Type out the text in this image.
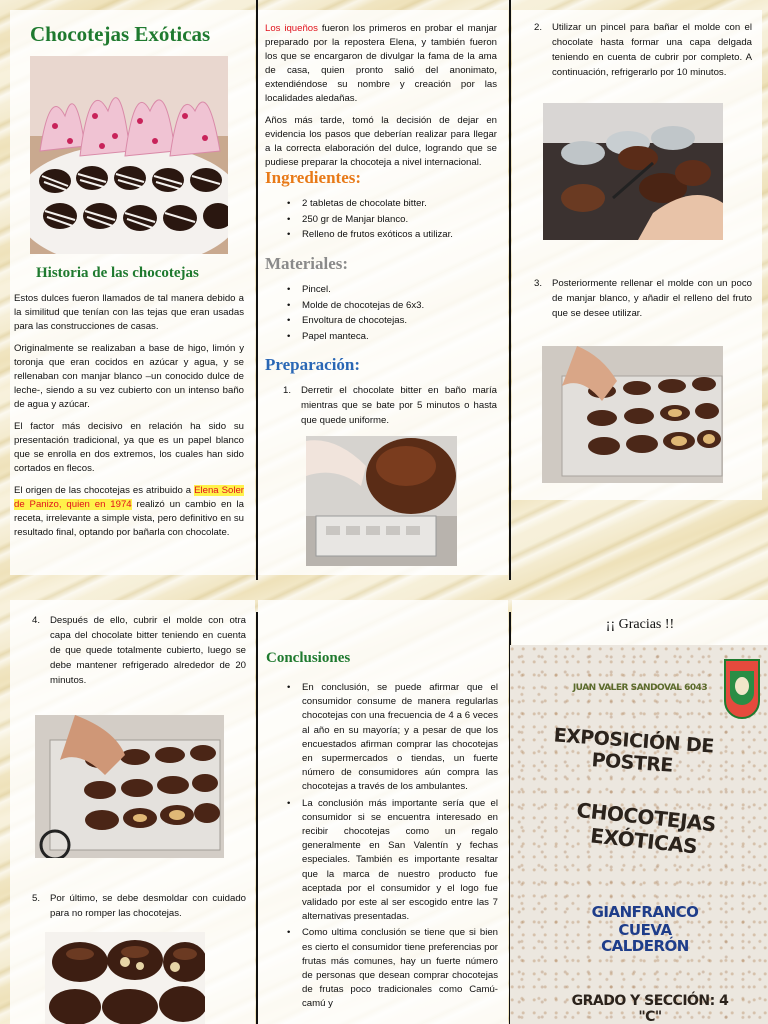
Chocotejas Exóticas
Historia de las chocotejas

Estos dulces fueron llamados de tal manera debido a la similitud que tenían con las tejas que eran usadas para las construcciones de casas.

Originalmente se realizaban a base de higo, limón y toronja que eran cocidos en azúcar y agua, y se rellenaban con manjar blanco –un conocido dulce de leche-, siendo a su vez cubierto con un intenso baño de agua y azúcar.

El factor más decisivo en relación ha sido su presentación tradicional, ya que es un papel blanco que se enrolla en dos extremos, los cuales han sido cortados en flecos.

El origen de las chocotejas es atribuido a Elena Soler de Panizo, quien en 1974 realizó un cambio en la receta, irrelevante a simple vista, pero definitivo en su resultado final, optando por bañarla con chocolate.

Los iqueños fueron los primeros en probar el manjar preparado por la repostera Elena, y también fueron los que se encargaron de divulgar la fama de la ama de casa, quien pronto salió del anonimato, extendiéndose su nombre y creación por las localidades aledañas.

Años más tarde, tomó la decisión de dejar en evidencia los pasos que deberían realizar para llegar a la correcta elaboración del dulce, logrando que se pudiese preparar la chocoteja a nivel internacional.

Ingredientes:
• 2 tabletas de chocolate bitter.
• 250 gr de Manjar blanco.
• Relleno de frutos exóticos a utilizar.
Materiales:
• Pincel.
• Molde de chocotejas de 6x3.
• Envoltura de chocotejas.
• Papel manteca.
Preparación:
1.	Derretir el chocolate bitter en baño maría mientras que se bate por 5 minutos o hasta que quede uniforme.
2.	Utilizar un pincel para bañar el molde con el chocolate hasta formar una capa delgada teniendo en cuenta de cubrir por completo. A continuación, refrigerarlo por 10 minutos.
3.	Posteriormente rellenar el molde con un poco de manjar blanco, y añadir el relleno del fruto que se desee utilizar.
4.	Después de ello, cubrir el molde con otra capa del chocolate bitter teniendo en cuenta de que quede totalmente cubierto, luego se debe mantener refrigerado alrededor de 20 minutos.
5.	Por último, se debe desmoldar con cuidado para no romper las chocotejas.
Conclusiones
• En conclusión, se puede afirmar que el consumidor consume de manera regularlas chocotejas con una frecuencia de 4 a 6 veces al año en su mayoría; y a pesar de que los encuestados afirman comprar las chocotejas en supermercados o tiendas, un fuerte número de consumidores aún compra las chocotejas a través de los ambulantes.
• La conclusión más importante sería que el consumidor si se encuentra interesado en recibir chocotejas como un regalo generalmente en San Valentín y fechas especiales. También es importante resaltar que la marca de nuestro producto fue aceptada por el consumidor y el logo fue validado por este al ser escogido entre las 7 alternativas presentadas.
• Como ultima conclusión se tiene que si bien es cierto el consumidor tiene preferencias por frutas más comunes, hay un fuerte número de personas que desean comprar chocotejas de frutas poco tradicionales como Camú-camú y
¡¡ Gracias !!
JUAN VALER SANDOVAL 6043
EXPOSICIÓN DE POSTRE
CHOCOTEJAS EXÓTICAS
GIANFRANCO CUEVA
CALDERÓN
GRADO Y SECCIÓN: 4 "C"
